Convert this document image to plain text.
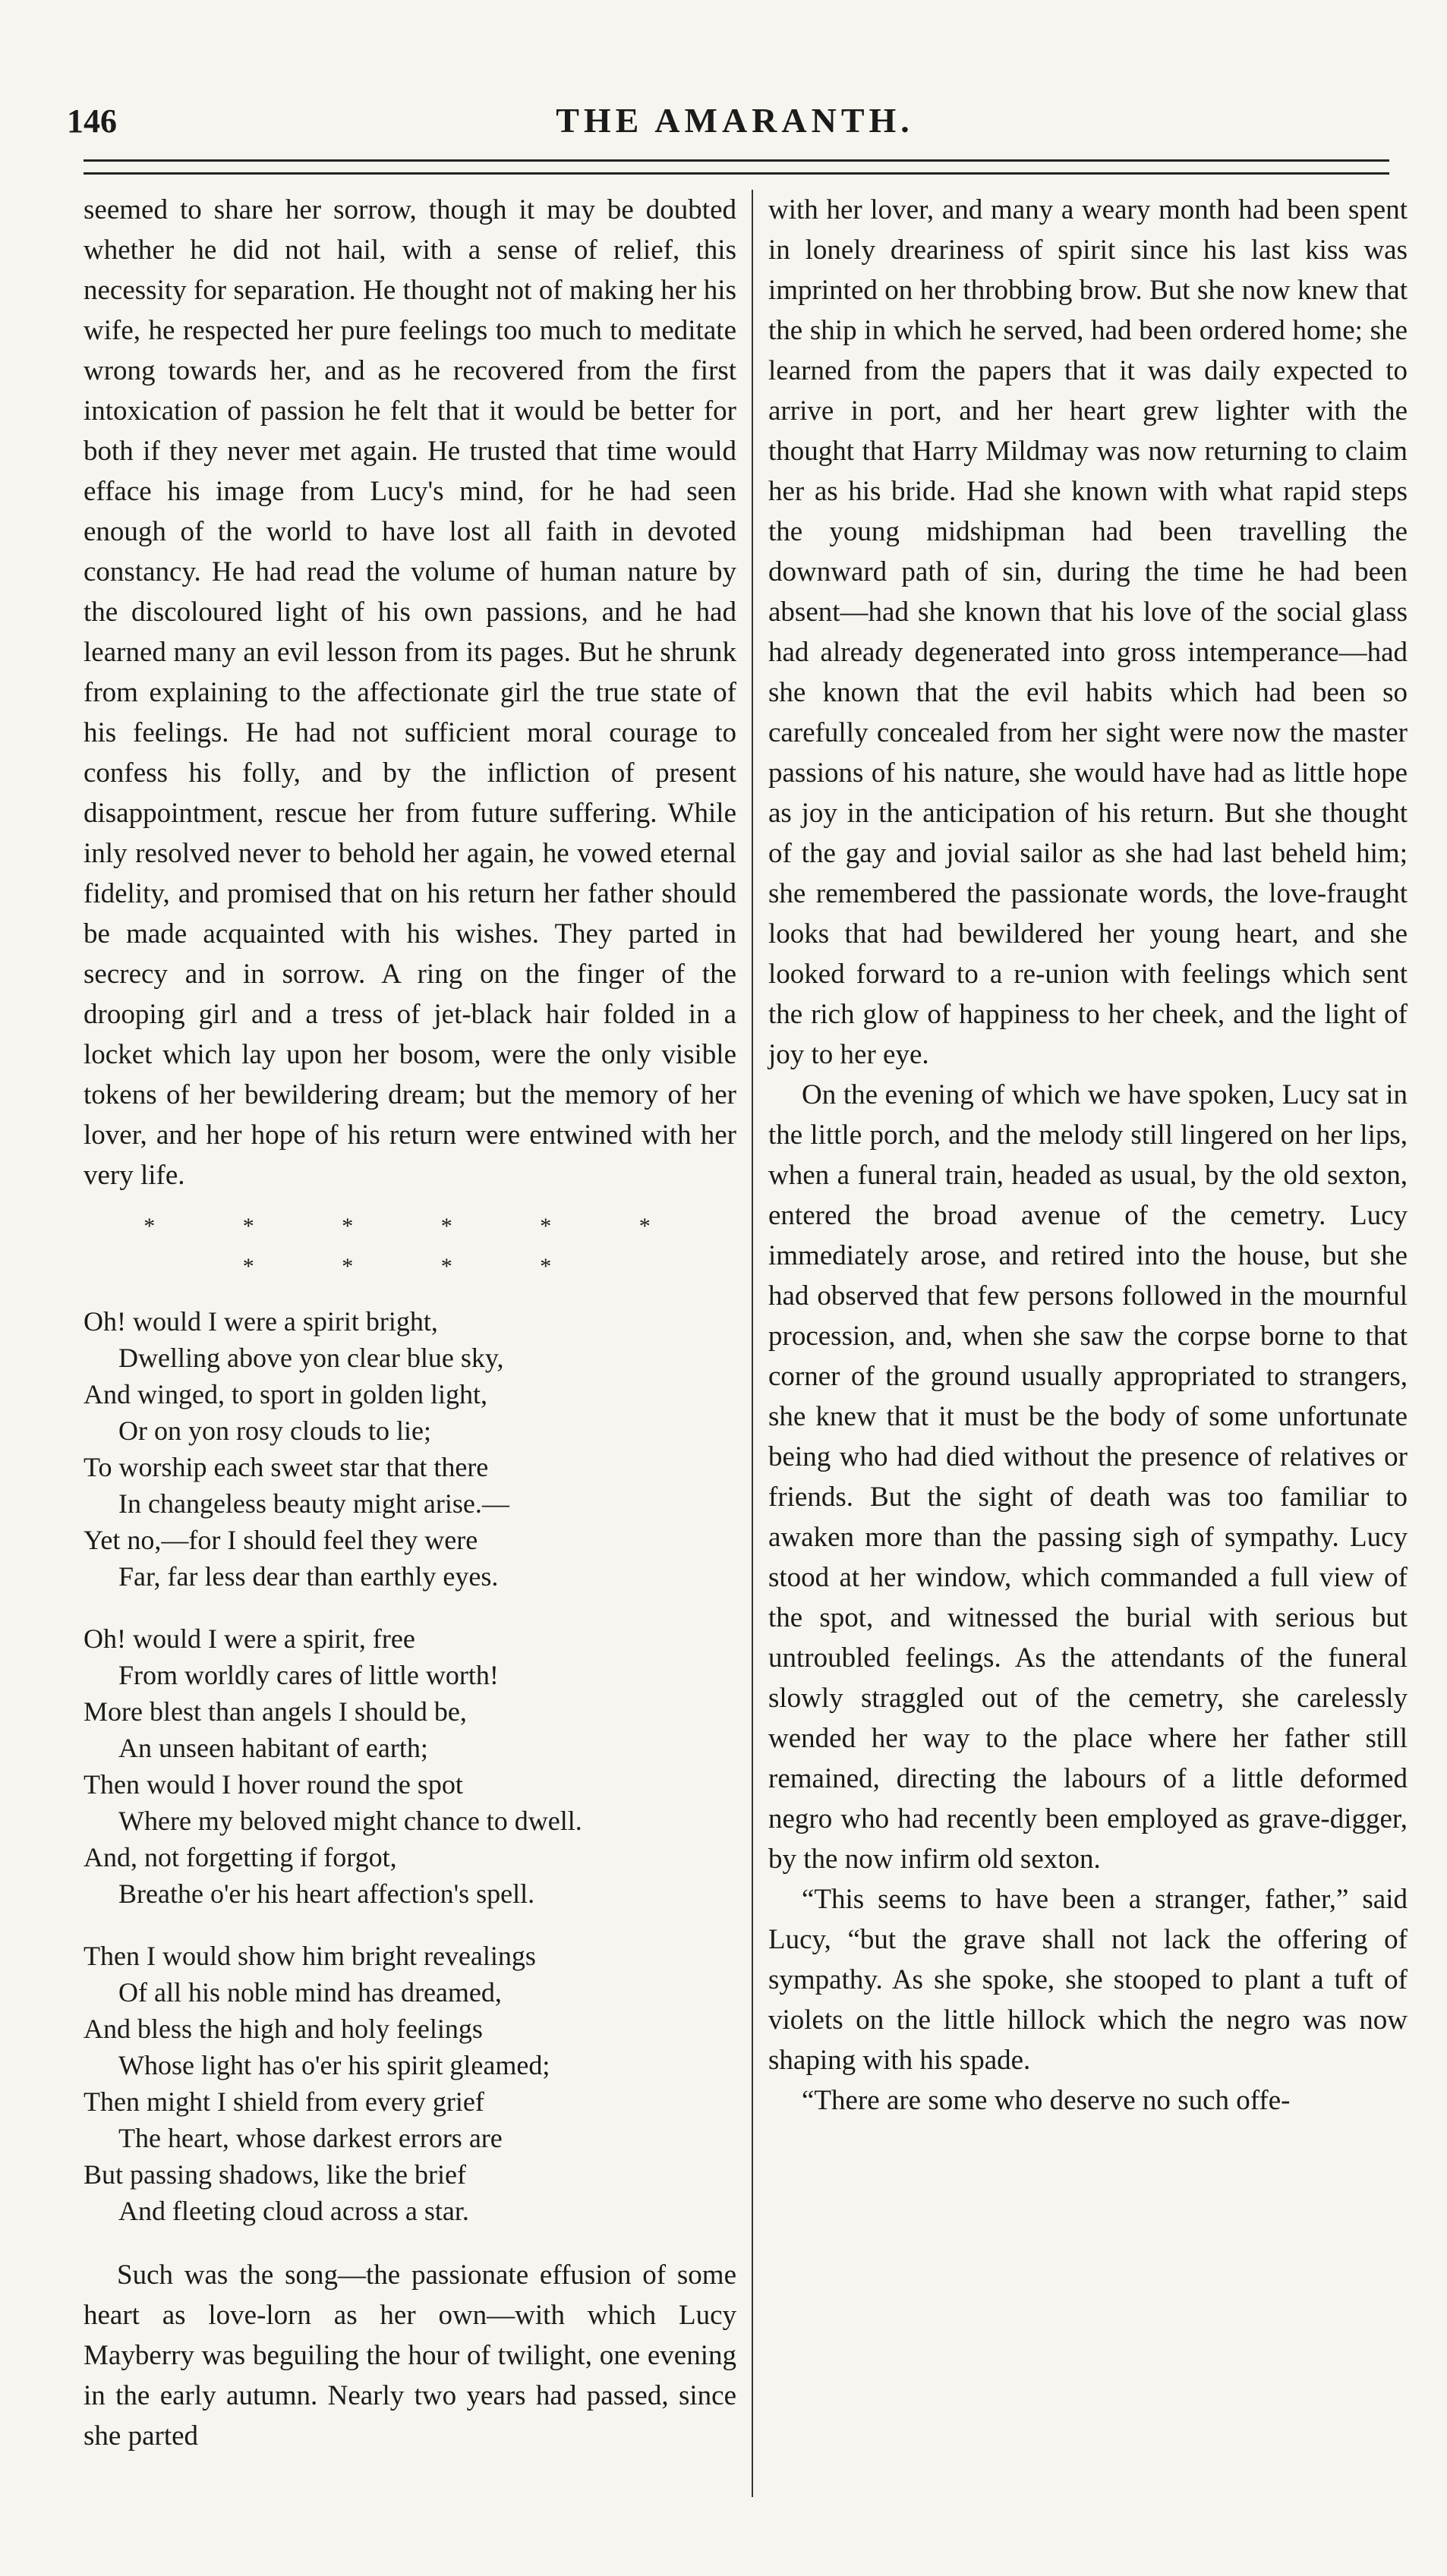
146	THE AMARANTH.

seemed to share her sorrow, though it may be doubted whether he did not hail, with a sense of relief, this necessity for separation. He thought not of making her his wife, he respected her pure feelings too much to meditate wrong towards her, and as he recovered from the first intoxication of passion he felt that it would be better for both if they never met again. He trusted that time would efface his image from Lucy's mind, for he had seen enough of the world to have lost all faith in devoted constancy. He had read the volume of human nature by the discoloured light of his own passions, and he had learned many an evil lesson from its pages. But he shrunk from explaining to the affectionate girl the true state of his feelings. He had not sufficient moral courage to confess his folly, and by the infliction of present disappointment, rescue her from future suffering. While inly resolved never to behold her again, he vowed eternal fidelity, and promised that on his return her father should be made acquainted with his wishes. They parted in secrecy and in sorrow. A ring on the finger of the drooping girl and a tress of jet-black hair folded in a locket which lay upon her bosom, were the only visible tokens of her bewildering dream; but the memory of her lover, and her hope of his return were entwined with her very life.

* * * * * * * * * *
Oh! would I were a spirit bright,
Dwelling above yon clear blue sky,
And winged, to sport in golden light,
Or on yon rosy clouds to lie;
To worship each sweet star that there
In changeless beauty might arise.—
Yet no,—for I should feel they were
Far, far less dear than earthly eyes.
Oh! would I were a spirit, free
From worldly cares of little worth!
More blest than angels I should be,
An unseen habitant of earth;
Then would I hover round the spot
Where my beloved might chance to dwell.
And, not forgetting if forgot,
Breathe o'er his heart affection's spell.
Then I would show him bright revealings
Of all his noble mind has dreamed,
And bless the high and holy feelings
Whose light has o'er his spirit gleamed;
Then might I shield from every grief
The heart, whose darkest errors are
But passing shadows, like the brief
And fleeting cloud across a star.

Such was the song—the passionate effusion of some heart as love-lorn as her own—with which Lucy Mayberry was beguiling the hour of twilight, one evening in the early autumn. Nearly two years had passed, since she parted

with her lover, and many a weary month had been spent in lonely dreariness of spirit since his last kiss was imprinted on her throbbing brow. But she now knew that the ship in which he served, had been ordered home; she learned from the papers that it was daily expected to arrive in port, and her heart grew lighter with the thought that Harry Mildmay was now returning to claim her as his bride. Had she known with what rapid steps the young midshipman had been travelling the downward path of sin, during the time he had been absent—had she known that his love of the social glass had already degenerated into gross intemperance—had she known that the evil habits which had been so carefully concealed from her sight were now the master passions of his nature, she would have had as little hope as joy in the anticipation of his return. But she thought of the gay and jovial sailor as she had last beheld him; she remembered the passionate words, the love-fraught looks that had bewildered her young heart, and she looked forward to a re-union with feelings which sent the rich glow of happiness to her cheek, and the light of joy to her eye.

On the evening of which we have spoken, Lucy sat in the little porch, and the melody still lingered on her lips, when a funeral train, headed as usual, by the old sexton, entered the broad avenue of the cemetry. Lucy immediately arose, and retired into the house, but she had observed that few persons followed in the mournful procession, and, when she saw the corpse borne to that corner of the ground usually appropriated to strangers, she knew that it must be the body of some unfortunate being who had died without the presence of relatives or friends. But the sight of death was too familiar to awaken more than the passing sigh of sympathy. Lucy stood at her window, which commanded a full view of the spot, and witnessed the burial with serious but untroubled feelings. As the attendants of the funeral slowly straggled out of the cemetry, she carelessly wended her way to the place where her father still remained, directing the labours of a little deformed negro who had recently been employed as grave-digger, by the now infirm old sexton.

“This seems to have been a stranger, father,” said Lucy, “but the grave shall not lack the offering of sympathy. As she spoke, she stooped to plant a tuft of violets on the little hillock which the negro was now shaping with his spade.

“There are some who deserve no such offe-
